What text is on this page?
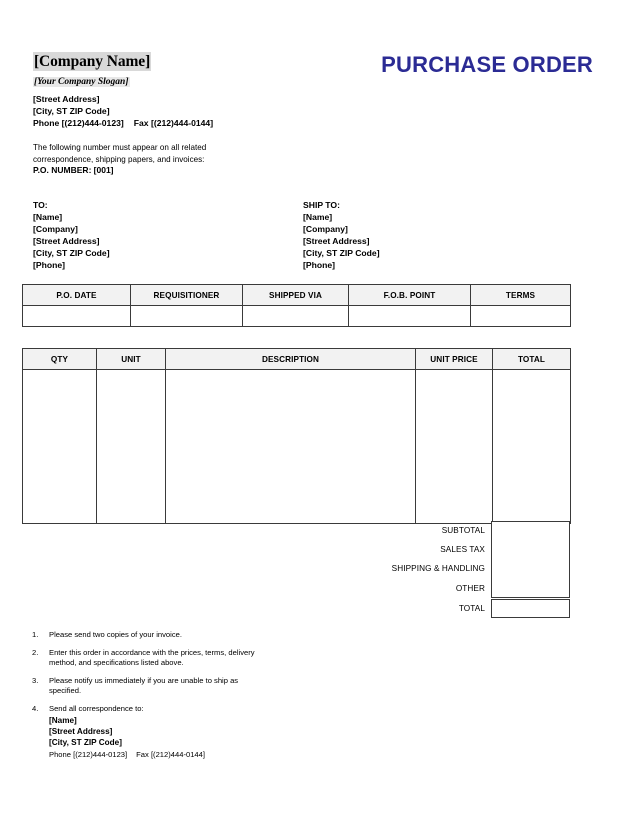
[Company Name]
[Your Company Slogan]
PURCHASE ORDER
[Street Address]
[City, ST ZIP Code]
Phone [(212)444-0123] Fax [(212)444-0144]
The following number must appear on all related
correspondence, shipping papers, and invoices:
P.O. NUMBER: [001]
TO:
[Name]
[Company]
[Street Address]
[City, ST ZIP Code]
[Phone]
SHIP TO:
[Name]
[Company]
[Street Address]
[City, ST ZIP Code]
[Phone]
P.O. DATE	REQUISITIONER	SHIPPED VIA	F.O.B. POINT	TERMS

QTY	UNIT	DESCRIPTION	UNIT PRICE	TOTAL

SUBTOTAL
SALES TAX
SHIPPING & HANDLING
OTHER
TOTAL
1.	Please send two copies of your invoice.
2.	Enter this order in accordance with the prices, terms, delivery
method, and specifications listed above.
3.	Please notify us immediately if you are unable to ship as
specified.
4.	Send all correspondence to:
[Name]
[Street Address]
[City, ST ZIP Code]
Phone [(212)444-0123] Fax [(212)444-0144]
